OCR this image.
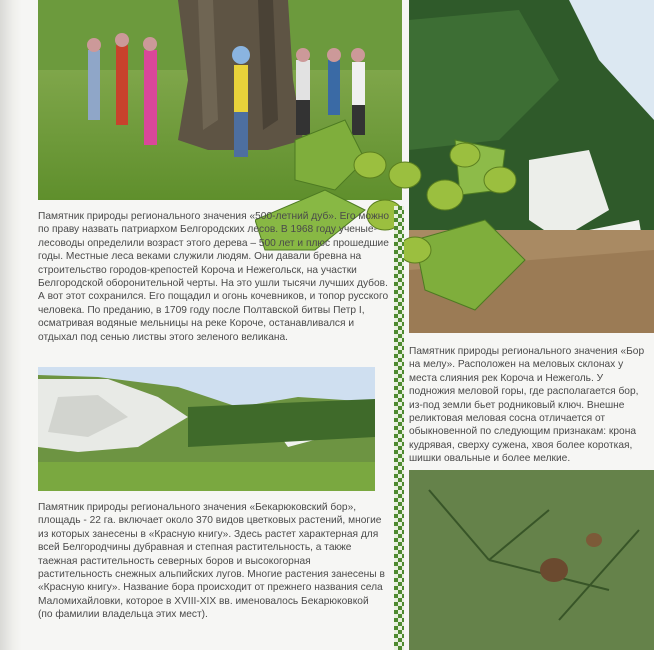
Памятник природы регионального значения «500-летний дуб». Его можно по праву назвать патриархом Белгородских лесов. В 1968 году ученые-лесоводы определили возраст этого дерева – 500 лет и плюс прошедшие годы. Местные леса веками служили людям. Они давали бревна на строительство городов-крепостей Короча и Нежегольск, на участки Белгородской оборонительной черты. На это ушли тысячи лучших дубов. А вот этот сохранился. Его пощадил и огонь кочевников, и топор русского человека. По преданию, в 1709 году после Полтавской битвы Петр I, осматривая водяные мельницы на реке Короче, останавливался и отдыхал под сенью листвы этого зеленого великана.

Памятник природы регионального значения «Бор на мелу». Расположен на меловых склонах у места слияния рек Короча и Нежеголь. У подножия меловой горы, где располагается бор, из-под земли бьет родниковый ключ. Внешне реликтовая меловая сосна отличается от обыкновенной по следующим признакам: крона кудрявая, сверху сужена, хвоя более короткая, шишки овальные и более мелкие.

Памятник природы регионального значения «Бекарюковский бор», площадь - 22 га. включает около 370 видов цветковых растений, многие из которых занесены в «Красную книгу». Здесь растет характерная для всей Белгородчины дубравная и степная растительность, а также таежная растительность северных боров и высокогорная растительность снежных альпийских лугов. Многие растения занесены в «Красную книгу». Название бора происходит от прежнего названия села Маломихайловки, которое в XVIII-XIX вв. именовалось Бекарюковкой (по фамилии владельца этих мест).
